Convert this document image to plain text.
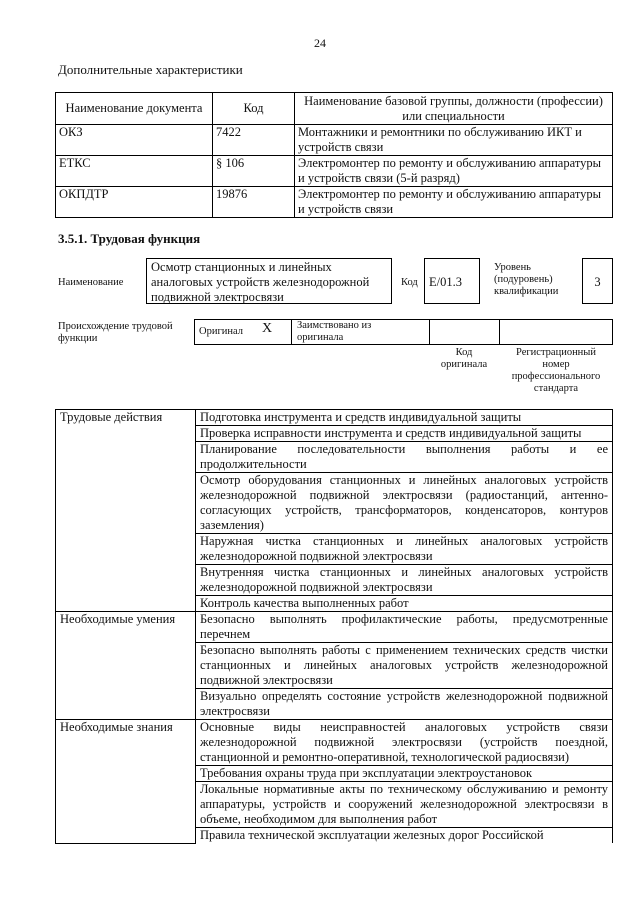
24
Дополнительные характеристики
Наименование документа	Код	Наименование базовой группы, должности (профессии) или специальности
ОКЗ	7422	Монтажники и ремонтники по обслуживанию ИКТ и устройств связи
ЕТКС	§ 106	Электромонтер по ремонту и обслуживанию аппаратуры и устройств связи (5-й разряд)
ОКПДТР	19876	Электромонтер по ремонту и обслуживанию аппаратуры и устройств связи
3.5.1. Трудовая функция
Наименование
Осмотр станционных и линейных аналоговых устройств железнодорожной подвижной электросвязи
Код E/01.3
Уровень (подуровень) квалификации
3
Происхождение трудовой функции
Оригинал X Заимствовано из оригинала
Код оригинала
Регистрационный номер профессионального стандарта
Трудовые действия	Подготовка инструмента и средств индивидуальной защиты
	Проверка исправности инструмента и средств индивидуальной защиты
	Планирование последовательности выполнения работы и ее продолжительности
	Осмотр оборудования станционных и линейных аналоговых устройств железнодорожной подвижной электросвязи (радиостанций, антенно-согласующих устройств, трансформаторов, конденсаторов, контуров заземления)
	Наружная чистка станционных и линейных аналоговых устройств железнодорожной подвижной электросвязи
	Внутренняя чистка станционных и линейных аналоговых устройств железнодорожной подвижной электросвязи
	Контроль качества выполненных работ
Необходимые умения	Безопасно выполнять профилактические работы, предусмотренные перечнем
	Безопасно выполнять работы с применением технических средств чистки станционных и линейных аналоговых устройств железнодорожной подвижной электросвязи
	Визуально определять состояние устройств железнодорожной подвижной электросвязи
Необходимые знания	Основные виды неисправностей аналоговых устройств связи железнодорожной подвижной электросвязи (устройств поездной, станционной и ремонтно-оперативной, технологической радиосвязи)
	Требования охраны труда при эксплуатации электроустановок
	Локальные нормативные акты по техническому обслуживанию и ремонту аппаратуры, устройств и сооружений железнодорожной электросвязи в объеме, необходимом для выполнения работ
	Правила технической эксплуатации железных дорог Российской
